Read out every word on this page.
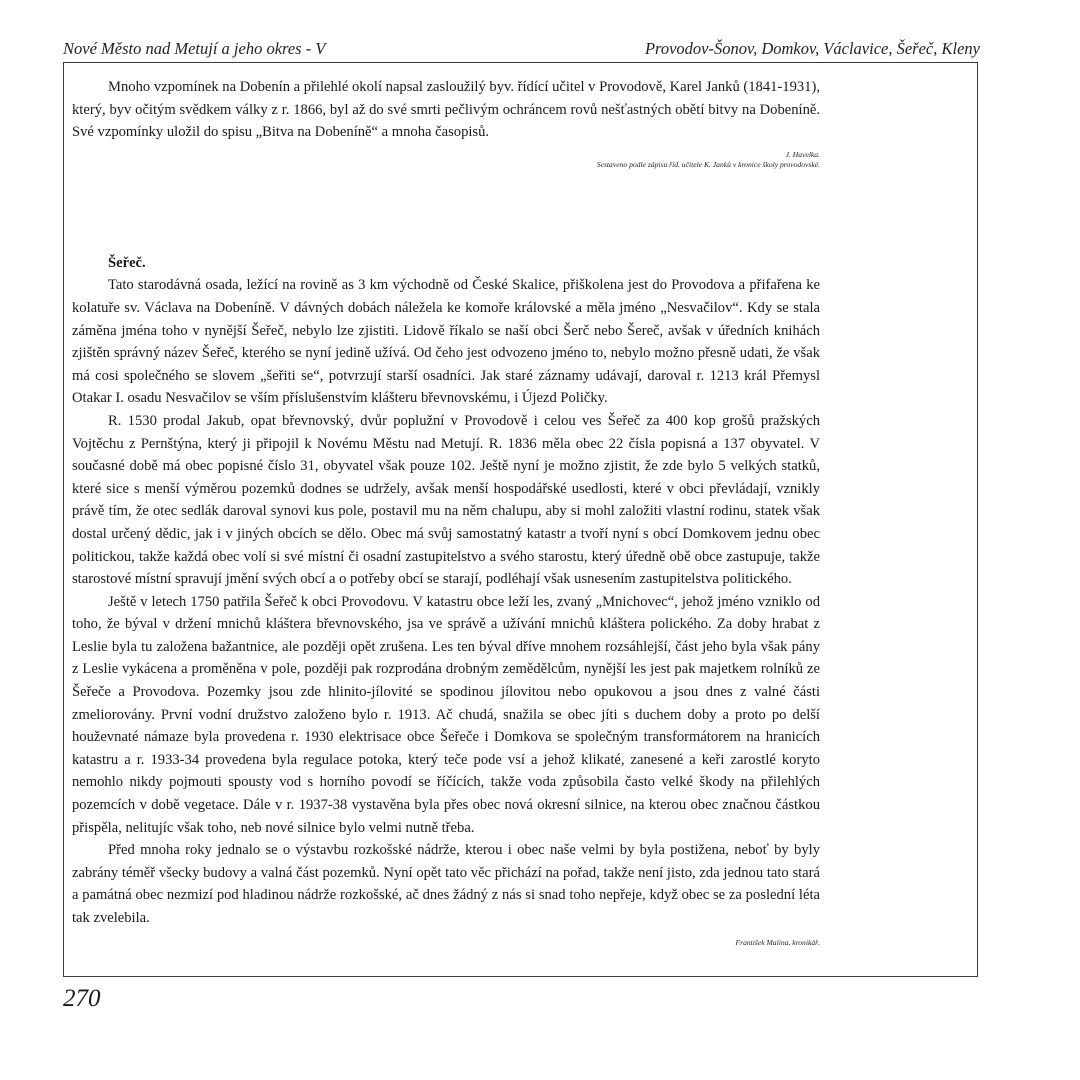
Nové Město nad Metují a jeho okres - V	Provodov-Šonov, Domkov, Václavice, Šeřeč, Kleny

Mnoho vzpomínek na Dobenín a přilehlé okolí napsal zasloužilý byv. řídící učitel v Provodově, Karel Janků (1841-1931), který, byv očitým svědkem války z r. 1866, byl až do své smrti pečlivým ochráncem rovů nešťastných obětí bitvy na Dobeníně. Své vzpomínky uložil do spisu „Bitva na Dobeníně“ a mnoha časopisů.

J. Havelka.
Sestaveno podle zápisu říd. učitele K. Janků v kronice školy provodovské.
Šeřeč.

Tato starodávná osada, ležící na rovině as 3 km východně od České Skalice, přiškolena jest do Provodova a přifařena ke kolatuře sv. Václava na Dobeníně. V dávných dobách náležela ke komoře královské a měla jméno „Nesvačilov“. Kdy se stala záměna jména toho v nynější Šeřeč, nebylo lze zjistiti. Lidově říkalo se naší obci Šerč nebo Šereč, avšak v úředních knihách zjištěn správný název Šeřeč, kterého se nyní jedině užívá. Od čeho jest odvozeno jméno to, nebylo možno přesně udati, že však má cosi společného se slovem „šeřiti se“, potvrzují starší osadníci. Jak staré záznamy udávají, daroval r. 1213 král Přemysl Otakar I. osadu Nesvačilov se vším příslušenstvím klášteru břevnovskému, i Újezd Poličky.

R. 1530 prodal Jakub, opat břevnovský, dvůr poplužní v Provodově i celou ves Šeřeč za 400 kop grošů pražských Vojtěchu z Pernštýna, který ji připojil k Novému Městu nad Metují. R. 1836 měla obec 22 čísla popisná a 137 obyvatel. V současné době má obec popisné číslo 31, obyvatel však pouze 102. Ještě nyní je možno zjistit, že zde bylo 5 velkých statků, které sice s menší výměrou pozemků dodnes se udržely, avšak menší hospodářské usedlosti, které v obci převládají, vznikly právě tím, že otec sedlák daroval synovi kus pole, postavil mu na něm chalupu, aby si mohl založiti vlastní rodinu, statek však dostal určený dědic, jak i v jiných obcích se dělo. Obec má svůj samostatný katastr a tvoří nyní s obcí Domkovem jednu obec politickou, takže každá obec volí si své místní či osadní zastupitelstvo a svého starostu, který úředně obě obce zastupuje, takže starostové místní spravují jmění svých obcí a o potřeby obcí se starají, podléhají však usnesením zastupitelstva politického.

Ještě v letech 1750 patřila Šeřeč k obci Provodovu. V katastru obce leží les, zvaný „Mnichovec“, jehož jméno vzniklo od toho, že býval v držení mnichů kláštera břevnovského, jsa ve správě a užívání mnichů kláštera polického. Za doby hrabat z Leslie byla tu založena bažantnice, ale později opět zrušena. Les ten býval dříve mnohem rozsáhlejší, část jeho byla však pány z Leslie vykácena a proměněna v pole, později pak rozprodána drobným zemědělcům, nynější les jest pak majetkem rolníků ze Šeřeče a Provodova. Pozemky jsou zde hlinito-jílovité se spodinou jílovitou nebo opukovou a jsou dnes z valné části zmeliorovány. První vodní družstvo založeno bylo r. 1913. Ač chudá, snažila se obec jíti s duchem doby a proto po delší houževnaté námaze byla provedena r. 1930 elektrisace obce Šeřeče i Domkova se společným transformátorem na hranicích katastru a r. 1933-34 provedena byla regulace potoka, který teče pode vsí a jehož klikaté, zanesené a keři zarostlé koryto nemohlo nikdy pojmouti spousty vod s horního povodí se říčících, takže voda způsobila často velké škody na přilehlých pozemcích v době vegetace. Dále v r. 1937-38 vystavěna byla přes obec nová okresní silnice, na kterou obec značnou částkou přispěla, nelitujíc však toho, neb nové silnice bylo velmi nutně třeba.

Před mnoha roky jednalo se o výstavbu rozkošské nádrže, kterou i obec naše velmi by byla postižena, neboť by byly zabrány téměř všecky budovy a valná část pozemků. Nyní opět tato věc přichází na pořad, takže není jisto, zda jednou tato stará a památná obec nezmizí pod hladinou nádrže rozkošské, ač dnes žádný z nás si snad toho nepřeje, když obec se za poslední léta tak zvelebila.

František Malina, kronikář.
270
